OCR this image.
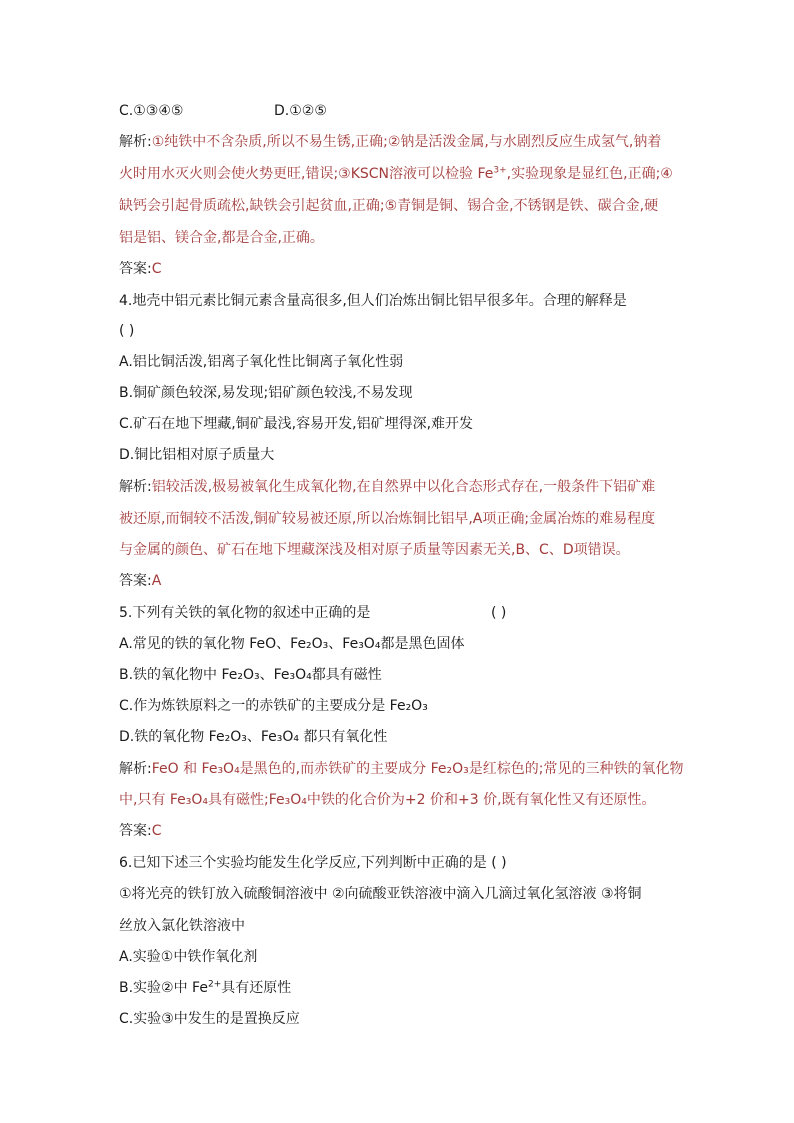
C.①③④⑤	D.①②⑤
解析:①纯铁中不含杂质,所以不易生锈,正确;②钠是活泼金属,与水剧烈反应生成氢气,钠着
火时用水灭火则会使火势更旺,错误;③KSCN溶液可以检验 $Fe^{3+}$,实验现象是显红色,正确;④
缺钙会引起骨质疏松,缺铁会引起贫血,正确;⑤青铜是铜、锡合金,不锈钢是铁、碳合金,硬
铝是铝、镁合金,都是合金,正确。
答案:C
4.地壳中铝元素比铜元素含量高很多,但人们冶炼出铜比铝早很多年。合理的解释是
( )
A.铝比铜活泼,铝离子氧化性比铜离子氧化性弱
B.铜矿颜色较深,易发现;铝矿颜色较浅,不易发现
C.矿石在地下埋藏,铜矿最浅,容易开发,铝矿埋得深,难开发
D.铜比铝相对原子质量大
解析:铝较活泼,极易被氧化生成氧化物,在自然界中以化合态形式存在,一般条件下铝矿难
被还原,而铜较不活泼,铜矿较易被还原,所以冶炼铜比铝早,A项正确;金属冶炼的难易程度
与金属的颜色、矿石在地下埋藏深浅及相对原子质量等因素无关,B、C、D项错误。
答案:A
5.下列有关铁的氧化物的叙述中正确的是	( )
A.常见的铁的氧化物 FeO、Fe₂O₃、Fe₃O₄都是黑色固体
B.铁的氧化物中 Fe₂O₃、Fe₃O₄都具有磁性
C.作为炼铁原料之一的赤铁矿的主要成分是 Fe₂O₃
D.铁的氧化物 Fe₂O₃、Fe₃O₄ 都只有氧化性
解析:FeO 和 Fe₃O₄是黑色的,而赤铁矿的主要成分 Fe₂O₃是红棕色的;常见的三种铁的氧化物
中,只有 Fe₃O₄具有磁性;Fe₃O₄中铁的化合价为+2 价和+3 价,既有氧化性又有还原性。
答案:C
6.已知下述三个实验均能发生化学反应,下列判断中正确的是 ( )
①将光亮的铁钉放入硫酸铜溶液中 ②向硫酸亚铁溶液中滴入几滴过氧化氢溶液 ③将铜
丝放入氯化铁溶液中
A.实验①中铁作氧化剂
B.实验②中 $Fe^{2+}$具有还原性
C.实验③中发生的是置换反应
